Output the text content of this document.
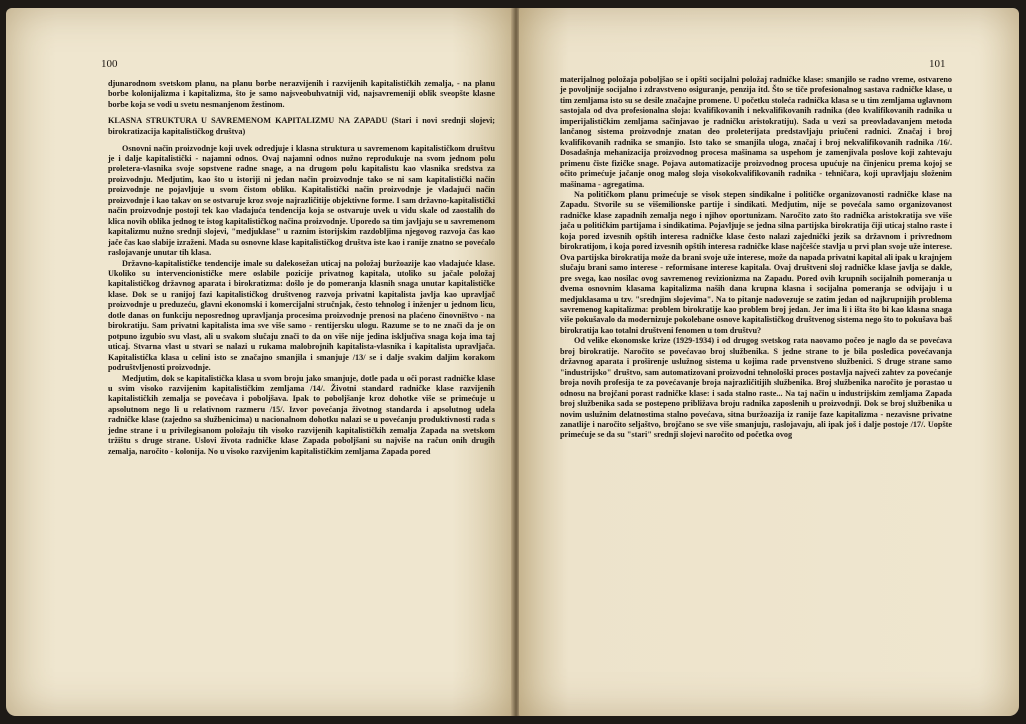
100

djunarodnom svetskom planu, na planu borbe nerazvijenih i razvijenih kapitalističkih zemalja, - na planu borbe kolonijalizma i kapitalizma, što je samo najsveobuhvatniji vid, najsavremeniji oblik sveopšte klasne borbe koja se vodi u svetu nesmanjenom žestinom.

KLASNA STRUKTURA U SAVREMENOM KAPITALIZMU NA ZAPADU (Stari i novi srednji slojevi; birokratizacija kapitalističkog društva)

Osnovni način proizvodnje koji uvek odredjuje i klasna struktura u savremenom kapitalističkom društvu je i dalje kapitalistički - najamni odnos. Ovaj najamni odnos nužno reprodukuje na svom jednom polu proletera-vlasnika svoje sopstvene radne snage, a na drugom polu kapitalistu kao vlasnika sredstva za proizvodnju. Medjutim, kao što u istoriji ni jedan način proizvodnje tako se ni sam kapitalistički način proizvodnje ne pojavljuje u svom čistom obliku. Kapitalistički način proizvodnje je vladajući način proizvodnje i kao takav on se ostvaruje kroz svoje najrazličitije objektivne forme. I sam državno-kapitalistički način proizvodnje postoji tek kao vladajuća tendencija koja se ostvaruje uvek u vidu skale od zaostalih do klica novih oblika jednog te istog kapitalističkog načina proizvodnje. Uporedo sa tim javljaju se u savremenom kapitalizmu nužno srednji slojevi, "medjuklase" u raznim istorijskim razdobljima njegovog razvoja čas kao jače čas kao slabije izraženi. Mada su osnovne klase kapitalističkog društva iste kao i ranije znatno se povećalo raslojavanje unutar tih klasa.

Državno-kapitalističke tendencije imale su dalekosežan uticaj na položaj buržoazije kao vladajuće klase. Ukoliko su intervencionističke mere oslabile pozicije privatnog kapitala, utoliko su jačale položaj kapitalističkog državnog aparata i birokratizma: došlo je do pomeranja klasnih snaga unutar kapitalističke klase. Dok se u ranijoj fazi kapitalističkog društvenog razvoja privatni kapitalista javlja kao upravljač proizvodnje u preduzeću, glavni ekonomski i komercijalni stručnjak, često tehnolog i inženjer u jednom licu, dotle danas on funkciju neposrednog upravljanja procesima proizvodnje prenosi na plaćeno činovništvo - na birokratiju. Sam privatni kapitalista ima sve više samo - rentijersku ulogu. Razume se to ne znači da je on potpuno izgubio svu vlast, ali u svakom slučaju znači to da on više nije jedina isključiva snaga koja ima taj uticaj. Stvarna vlast u stvari se nalazi u rukama malobrojnih kapitalista-vlasnika i kapitalista upravljača. Kapitalistička klasa u celini isto se značajno smanjila i smanjuje /13/ se i dalje svakim daljim korakom podruštvljenosti proizvodnje.

Medjutim, dok se kapitalistička klasa u svom broju jako smanjuje, dotle pada u oči porast radničke klase u svim visoko razvijenim kapitalističkim zemljama /14/. Životni standard radničke klase razvijenih kapitalističkih zemalja se povećava i poboljšava. Ipak to poboljšanje kroz dohotke više se primećuje u apsolutnom nego li u relativnom razmeru /15/. Izvor povećanja životnog standarda i apsolutnog udela radničke klase (zajedno sa službenicima) u nacionalnom dohotku nalazi se u povećanju produktivnosti rada s jedne strane i u privilegisanom položaju tih visoko razvijenih kapitalističkih zemalja Zapada na svetskom tržištu s druge strane. Uslovi života radničke klase Zapada poboljšani su najviše na račun onih drugih zemalja, naročito - kolonija. No u visoko razvijenim kapitalističkim zemljama Zapada pored

101

materijalnog položaja poboljšao se i opšti socijalni položaj radničke klase: smanjilo se radno vreme, ostvareno je povoljnije socijalno i zdravstveno osiguranje, penzija itd. Što se tiče profesionalnog sastava radničke klase, u tim zemljama isto su se desile značajne promene. U početku stoleća radnička klasa se u tim zemljama uglavnom sastojala od dva profesionalna sloja: kvalifikovanih i nekvalifikovanih radnika (deo kvalifikovanih radnika u imperijalističkim zemljama sačinjavao je radničku aristokratiju). Sada u vezi sa preovladavanjem metoda lančanog sistema proizvodnje znatan deo proleterijata predstavljaju priučeni radnici. Značaj i broj kvalifikovanih radnika se smanjio. Isto tako se smanjila uloga, značaj i broj nekvalifikovanih radnika /16/. Dosadašnja mehanizacija proizvodnog procesa mašinama sa uspehom je zamenjivala poslove koji zahtevaju primenu čiste fizičke snage. Pojava automatizacije proizvodnog procesa upućuje na činjenicu prema kojoj se očito primećuje jačanje onog malog sloja visokokvalifikovanih radnika - tehničara, koji upravljaju složenim mašinama - agregatima.

Na političkom planu primećuje se visok stepen sindikalne i političke organizovanosti radničke klase na Zapadu. Stvorile su se višemilionske partije i sindikati. Medjutim, nije se povećala samo organizovanost radničke klase zapadnih zemalja nego i njihov oportunizam. Naročito zato što radnička aristokratija sve više jača u političkim partijama i sindikatima. Pojavljuje se jedna silna partijska birokratija čiji uticaj stalno raste i koja pored izvesnih opštih interesa radničke klase često nalazi zajednički jezik sa državnom i privrednom birokratijom, i koja pored izvesnih opštih interesa radničke klase najčešće stavlja u prvi plan svoje uže interese. Ova partijska birokratija može da brani svoje uže interese, može da napada privatni kapital ali ipak u krajnjem slučaju brani samo interese - reformisane interese kapitala. Ovaj društveni sloj radničke klase javlja se dakle, pre svega, kao nosilac ovog savremenog revizionizma na Zapadu. Pored ovih krupnih socijalnih pomeranja u dvema osnovnim klasama kapitalizma naših dana krupna klasna i socijalna pomeranja se odvijaju i u medjuklasama u tzv. "srednjim slojevima". Na to pitanje nadovezuje se zatim jedan od najkrupnijih problema savremenog kapitalizma: problem birokratije kao problem broj jedan. Jer ima li i išta što bi kao klasna snaga više pokušavalo da modernizuje pokolebane osnove kapitalističkog društvenog sistema nego što to pokušava baš birokratija kao totalni društveni fenomen u tom društvu?

Od velike ekonomske krize (1929-1934) i od drugog svetskog rata naovamo počeo je naglo da se povećava broj birokratije. Naročito se povećavao broj službenika. S jedne strane to je bila posledica povećavanja državnog aparata i proširenje uslužnog sistema u kojima rade prvenstveno službenici. S druge strane samo "industrijsko" društvo, sam automatizovani proizvodni tehnološki proces postavlja najveći zahtev za povećanje broja novih profesija te za povećavanje broja najrazličitijih službenika. Broj službenika naročito je porastao u odnosu na brojčani porast radničke klase: i sada stalno raste... Na taj način u industrijskim zemljama Zapada broj službenika sada se postepeno približava broju radnika zaposlenih u proizvodnji. Dok se broj službenika u novim uslužnim delatnostima stalno povećava, sitna buržoazija iz ranije faze kapitalizma - nezavisne privatne zanatlije i naročito seljaštvo, brojčano se sve više smanjuju, raslojavaju, ali ipak još i dalje postoje /17/. Uopšte primećuje se da su "stari" srednji slojevi naročito od početka ovog
